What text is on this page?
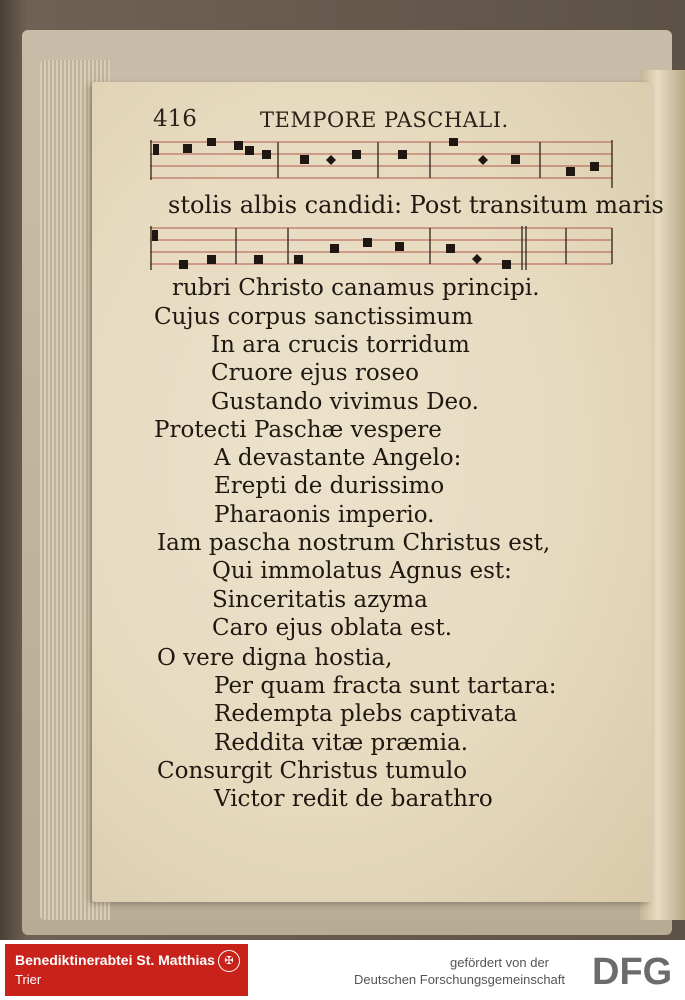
416	TEMPORE PASCHALI.
stolis albis candidi: Post transitum maris
rubri Christo canamus principi.
Cujus corpus sanctissimum
In ara crucis torridum
Cruore ejus roseo
Gustando vivimus Deo.
Protecti Paschæ vespere
A devastante Angelo:
Erepti de durissimo
Pharaonis imperio.
Iam pascha nostrum Christus est,
Qui immolatus Agnus est:
Sinceritatis azyma
Caro ejus oblata est.
O vere digna hostia,
Per quam fracta sunt tartara:
Redempta plebs captivata
Reddita vitæ præmia.
Consurgit Christus tumulo
Victor redit de barathro
Benediktinerabtei St. Matthias
Trier
✠	gefördert von der
Deutschen Forschungsgemeinschaft DFG
